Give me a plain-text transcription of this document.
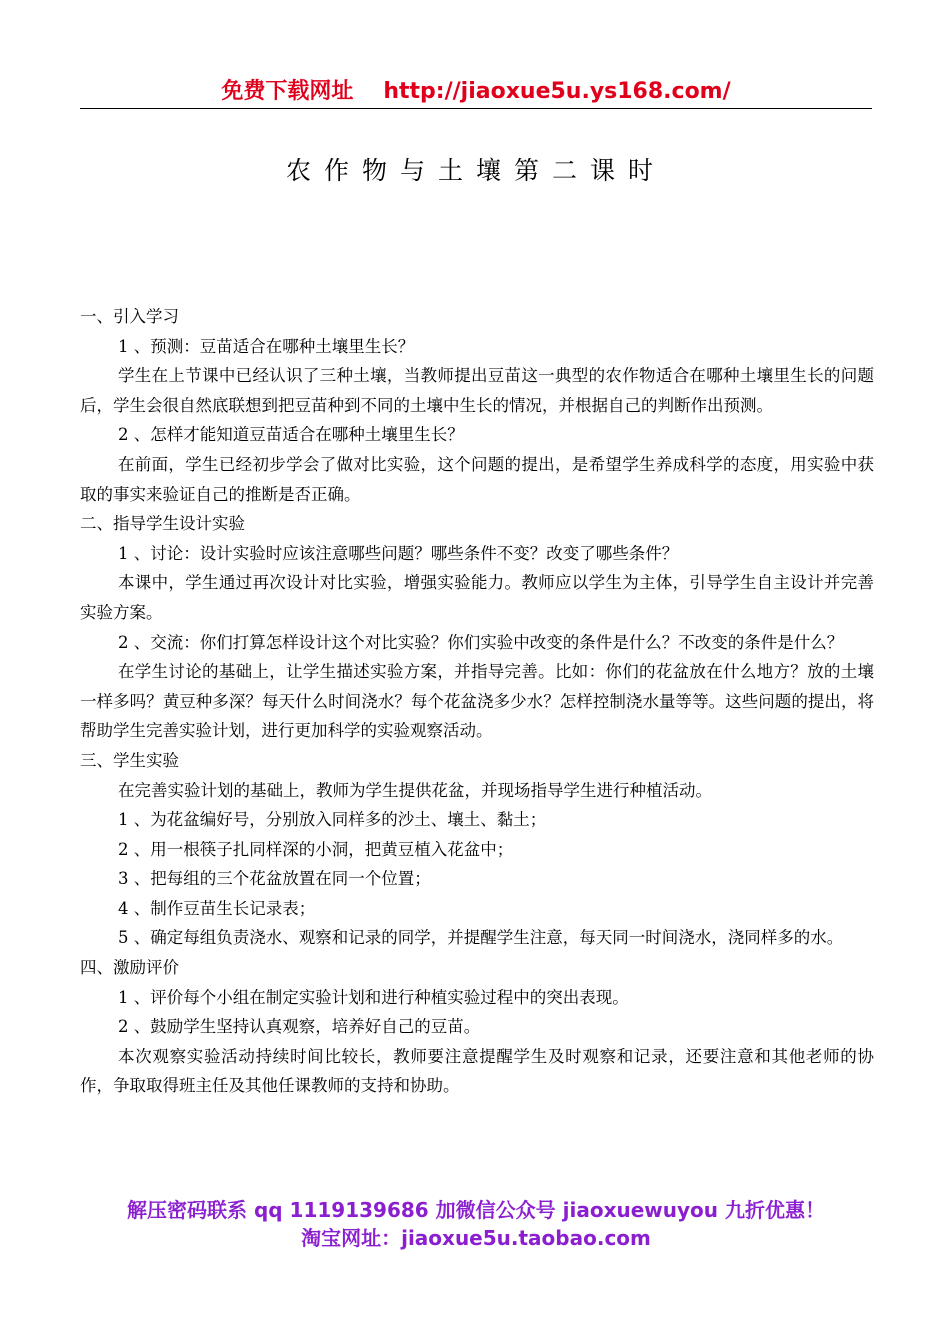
免费下载网址 http://jiaoxue5u.ys168.com/
农作物与土壤第二课时

一、引入学习

1 、预测：豆苗适合在哪种土壤里生长？

学生在上节课中已经认识了三种土壤，当教师提出豆苗这一典型的农作物适合在哪种土壤里生长的问题后，学生会很自然底联想到把豆苗种到不同的土壤中生长的情况，并根据自己的判断作出预测。

2 、怎样才能知道豆苗适合在哪种土壤里生长？

在前面，学生已经初步学会了做对比实验，这个问题的提出，是希望学生养成科学的态度，用实验中获取的事实来验证自己的推断是否正确。

二、指导学生设计实验

1 、讨论：设计实验时应该注意哪些问题？哪些条件不变？改变了哪些条件？

本课中，学生通过再次设计对比实验，增强实验能力。教师应以学生为主体，引导学生自主设计并完善实验方案。

2 、交流：你们打算怎样设计这个对比实验？你们实验中改变的条件是什么？不改变的条件是什么？

在学生讨论的基础上，让学生描述实验方案，并指导完善。比如：你们的花盆放在什么地方？放的土壤一样多吗？黄豆种多深？每天什么时间浇水？每个花盆浇多少水？怎样控制浇水量等等。这些问题的提出，将帮助学生完善实验计划，进行更加科学的实验观察活动。

三、学生实验

在完善实验计划的基础上，教师为学生提供花盆，并现场指导学生进行种植活动。

1 、为花盆编好号，分别放入同样多的沙土、壤土、黏土；

2 、用一根筷子扎同样深的小洞，把黄豆植入花盆中；

3 、把每组的三个花盆放置在同一个位置；

4 、制作豆苗生长记录表；

5 、确定每组负责浇水、观察和记录的同学，并提醒学生注意，每天同一时间浇水，浇同样多的水。

四、激励评价

1 、评价每个小组在制定实验计划和进行种植实验过程中的突出表现。

2 、鼓励学生坚持认真观察，培养好自己的豆苗。

本次观察实验活动持续时间比较长，教师要注意提醒学生及时观察和记录，还要注意和其他老师的协作，争取取得班主任及其他任课教师的支持和协助。

解压密码联系 qq 1119139686 加微信公众号 jiaoxuewuyou 九折优惠！
淘宝网址：jiaoxue5u.taobao.com
